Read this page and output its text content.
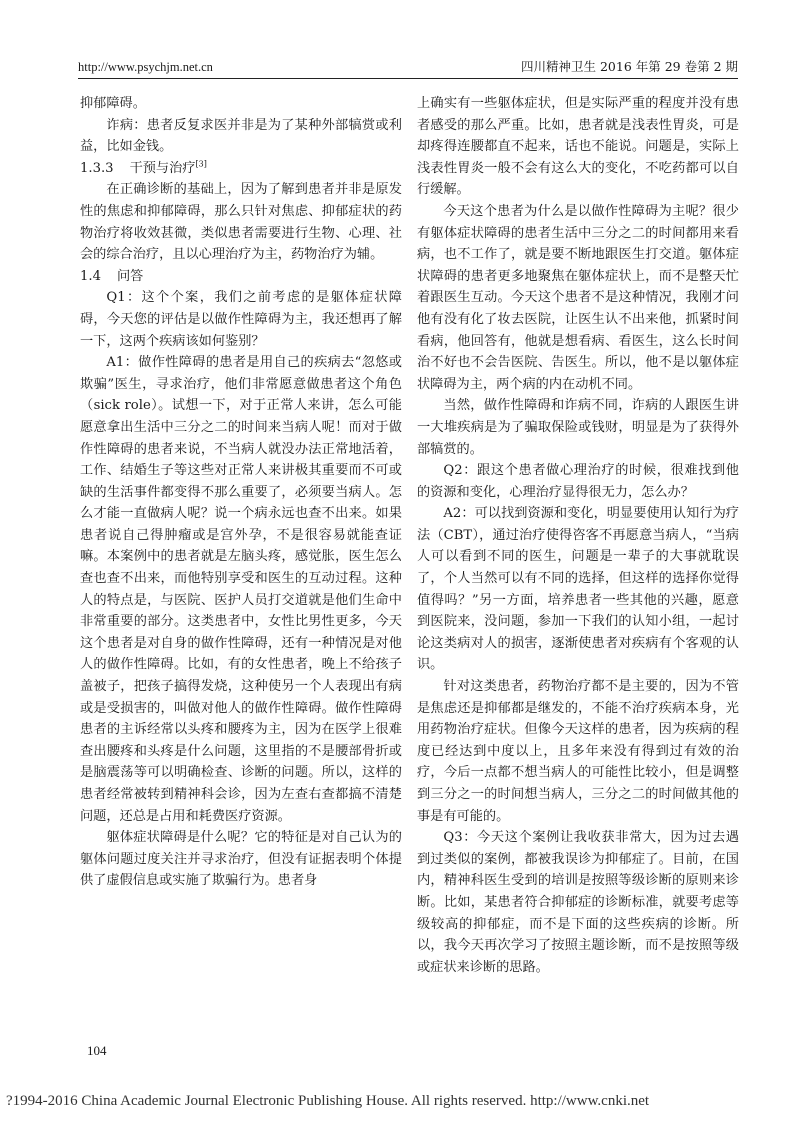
http://www.psychjm.net.cn	四川精神卫生 2016 年第 29 卷第 2 期

抑郁障碍。

诈病：患者反复求医并非是为了某种外部犒赏或利益，比如金钱。

1.3.3 干预与治疗[3]

在正确诊断的基础上，因为了解到患者并非是原发性的焦虑和抑郁障碍，那么只针对焦虑、抑郁症状的药物治疗将收效甚微，类似患者需要进行生物、心理、社会的综合治疗，且以心理治疗为主，药物治疗为辅。

1.4 问答

Q1：这个个案，我们之前考虑的是躯体症状障碍，今天您的评估是以做作性障碍为主，我还想再了解一下，这两个疾病该如何鉴别？

A1：做作性障碍的患者是用自己的疾病去“忽悠或欺骗”医生，寻求治疗，他们非常愿意做患者这个角色（sick role）。试想一下，对于正常人来讲，怎么可能愿意拿出生活中三分之二的时间来当病人呢！而对于做作性障碍的患者来说，不当病人就没办法正常地活着，工作、结婚生子等这些对正常人来讲极其重要而不可或缺的生活事件都变得不那么重要了，必须要当病人。怎么才能一直做病人呢？说一个病永远也查不出来。如果患者说自己得肿瘤或是宫外孕，不是很容易就能查证嘛。本案例中的患者就是左脑头疼，感觉胀，医生怎么查也查不出来，而他特别享受和医生的互动过程。这种人的特点是，与医院、医护人员打交道就是他们生命中非常重要的部分。这类患者中，女性比男性更多，今天这个患者是对自身的做作性障碍，还有一种情况是对他人的做作性障碍。比如，有的女性患者，晚上不给孩子盖被子，把孩子搞得发烧，这种使另一个人表现出有病或是受损害的，叫做对他人的做作性障碍。做作性障碍患者的主诉经常以头疼和腰疼为主，因为在医学上很难查出腰疼和头疼是什么问题，这里指的不是腰部骨折或是脑震荡等可以明确检查、诊断的问题。所以，这样的患者经常被转到精神科会诊，因为左查右查都搞不清楚问题，还总是占用和耗费医疗资源。

躯体症状障碍是什么呢？它的特征是对自己认为的躯体问题过度关注并寻求治疗，但没有证据表明个体提供了虚假信息或实施了欺骗行为。患者身

上确实有一些躯体症状，但是实际严重的程度并没有患者感受的那么严重。比如，患者就是浅表性胃炎，可是却疼得连腰都直不起来，话也不能说。问题是，实际上浅表性胃炎一般不会有这么大的变化，不吃药都可以自行缓解。

今天这个患者为什么是以做作性障碍为主呢？很少有躯体症状障碍的患者生活中三分之二的时间都用来看病，也不工作了，就是要不断地跟医生打交道。躯体症状障碍的患者更多地聚焦在躯体症状上，而不是整天忙着跟医生互动。今天这个患者不是这种情况，我刚才问他有没有化了妆去医院，让医生认不出来他，抓紧时间看病，他回答有，他就是想看病、看医生，这么长时间治不好也不会告医院、告医生。所以，他不是以躯体症状障碍为主，两个病的内在动机不同。

当然，做作性障碍和诈病不同，诈病的人跟医生讲一大堆疾病是为了骗取保险或钱财，明显是为了获得外部犒赏的。

Q2：跟这个患者做心理治疗的时候，很难找到他的资源和变化，心理治疗显得很无力，怎么办？

A2：可以找到资源和变化，明显要使用认知行为疗法（CBT），通过治疗使得咨客不再愿意当病人，“当病人可以看到不同的医生，问题是一辈子的大事就耽误了，个人当然可以有不同的选择，但这样的选择你觉得值得吗？”另一方面，培养患者一些其他的兴趣，愿意到医院来，没问题，参加一下我们的认知小组，一起讨论这类病对人的损害，逐渐使患者对疾病有个客观的认识。

针对这类患者，药物治疗都不是主要的，因为不管是焦虑还是抑郁都是继发的，不能不治疗疾病本身，光用药物治疗症状。但像今天这样的患者，因为疾病的程度已经达到中度以上，且多年来没有得到过有效的治疗，今后一点都不想当病人的可能性比较小，但是调整到三分之一的时间想当病人，三分之二的时间做其他的事是有可能的。

Q3：今天这个案例让我收获非常大，因为过去遇到过类似的案例，都被我误诊为抑郁症了。目前，在国内，精神科医生受到的培训是按照等级诊断的原则来诊断。比如，某患者符合抑郁症的诊断标准，就要考虑等级较高的抑郁症，而不是下面的这些疾病的诊断。所以，我今天再次学习了按照主题诊断，而不是按照等级或症状来诊断的思路。

104
?1994-2016 China Academic Journal Electronic Publishing House. All rights reserved. http://www.cnki.net
